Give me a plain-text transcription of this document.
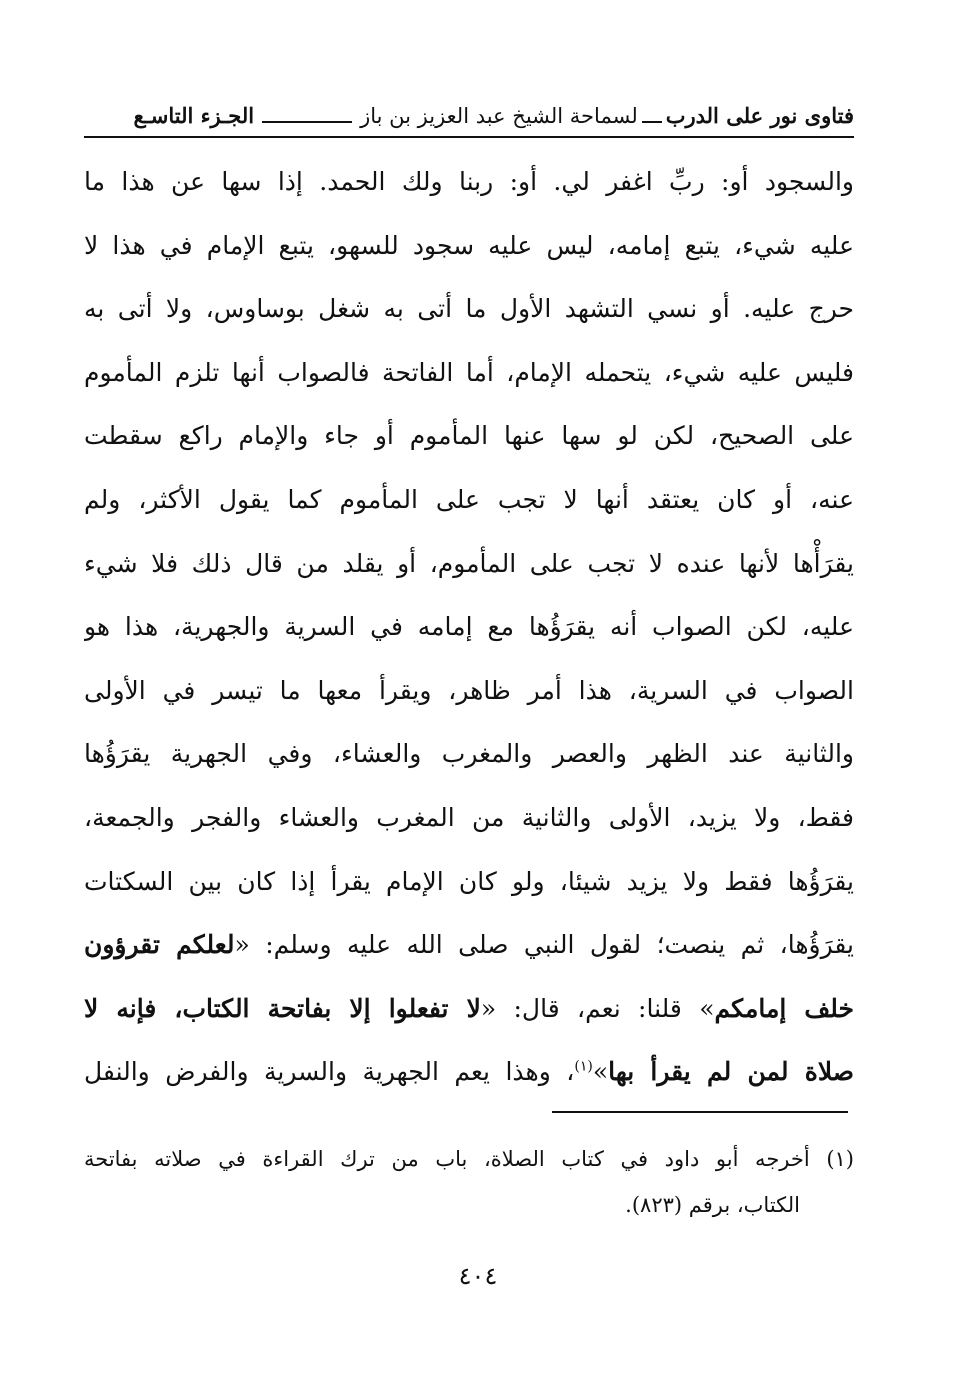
فتاوى نور على الدرب
لسماحة الشيخ عبد العزيز بن باز
الجـزء التاسـع
والسجود أو: ربِّ اغفر لي. أو: ربنا ولك الحمد. إذا سها عن هذا ما
عليه شيء، يتبع إمامه، ليس عليه سجود للسهو، يتبع الإمام في هذا لا
حرج عليه. أو نسي التشهد الأول ما أتى به شغل بوساوس، ولا أتى به
فليس عليه شيء، يتحمله الإمام، أما الفاتحة فالصواب أنها تلزم المأموم
على الصحيح، لكن لو سها عنها المأموم أو جاء والإمام راكع سقطت
عنه، أو كان يعتقد أنها لا تجب على المأموم كما يقول الأكثر، ولم
يقرَأْها لأنها عنده لا تجب على المأموم، أو يقلد من قال ذلك فلا شيء
عليه، لكن الصواب أنه يقرَؤُها مع إمامه في السرية والجهرية، هذا هو
الصواب في السرية، هذا أمر ظاهر، ويقرأ معها ما تيسر في الأولى
والثانية عند الظهر والعصر والمغرب والعشاء، وفي الجهرية يقرَؤُها
فقط، ولا يزيد، الأولى والثانية من المغرب والعشاء والفجر والجمعة،
يقرَؤُها فقط ولا يزيد شيئا، ولو كان الإمام يقرأ إذا كان بين السكتات
يقرَؤُها، ثم ينصت؛ لقول النبي صلى الله عليه وسلم: «لعلكم تقرؤون
خلف إمامكم» قلنا: نعم، قال: «لا تفعلوا إلا بفاتحة الكتاب، فإنه لا
صلاة لمن لم يقرأ بها»$^{(١)}$، وهذا يعم الجهرية والسرية والفرض والنفل
(١) أخرجه أبو داود في كتاب الصلاة، باب من ترك القراءة في صلاته بفاتحة
الكتاب، برقم (٨٢٣).
٤٠٤
